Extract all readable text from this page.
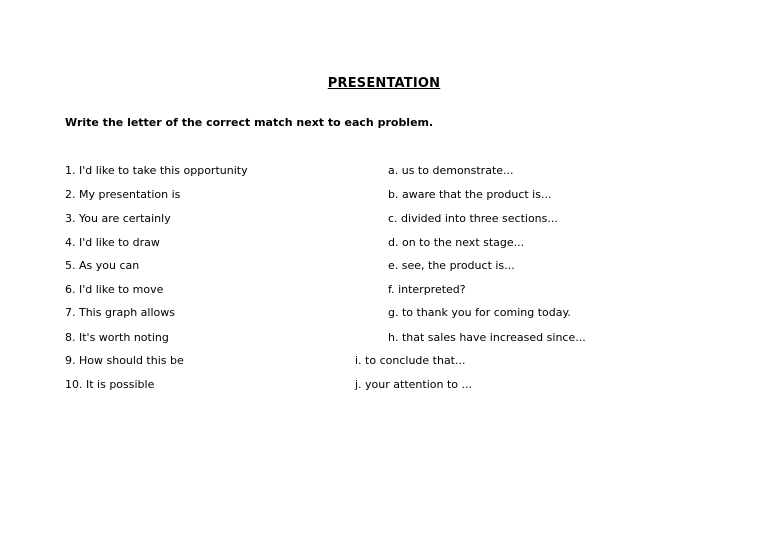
PRESENTATION
Write the letter of the correct match next to each problem.
1. I'd like to take this opportunity	a. us to demonstrate...
2. My presentation is	b. aware that the product is...
3. You are certainly	c. divided into three sections...
4. I'd like to draw	d. on to the next stage...
5. As you can	e. see, the product is...
6. I'd like to move	f. interpreted?
7. This graph allows	g. to thank you for coming today.
8. It's worth noting	h. that sales have increased since...
9. How should this be	i. to conclude that...
10. It is possible	j. your attention to ...
